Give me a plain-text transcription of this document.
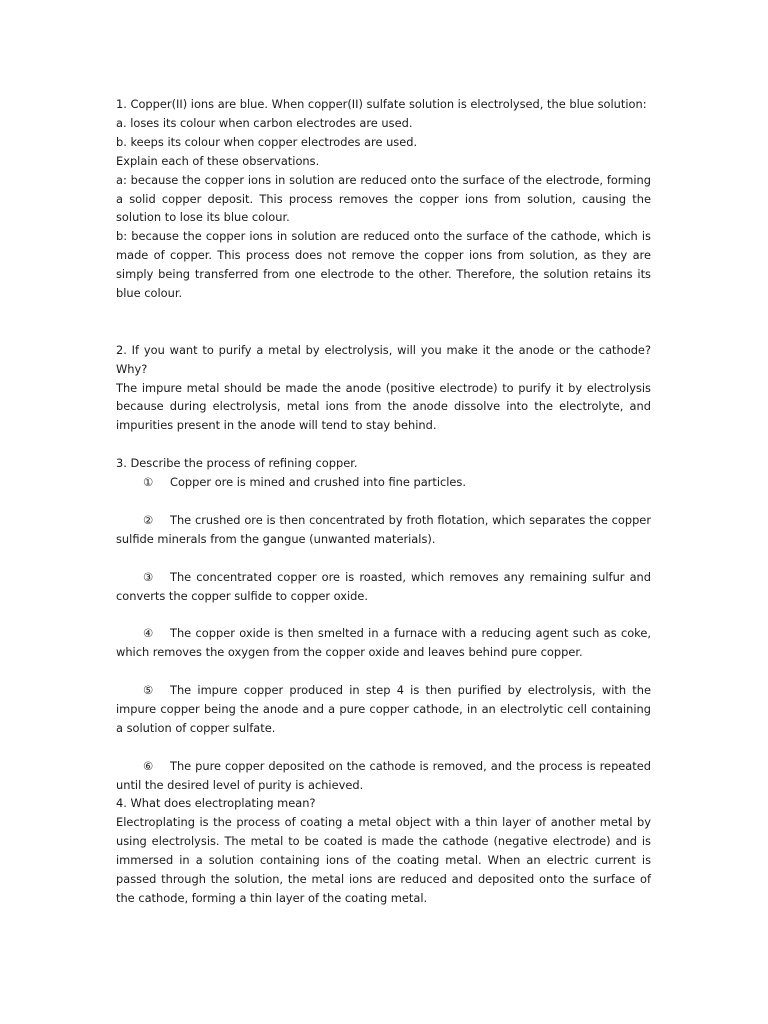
1. Copper(II) ions are blue. When copper(II) sulfate solution is electrolysed, the blue solution:
a. loses its colour when carbon electrodes are used.
b. keeps its colour when copper electrodes are used.
Explain each of these observations.
a: because the copper ions in solution are reduced onto the surface of the electrode, forming a solid copper deposit. This process removes the copper ions from solution, causing the solution to lose its blue colour.
b: because the copper ions in solution are reduced onto the surface of the cathode, which is made of copper. This process does not remove the copper ions from solution, as they are simply being transferred from one electrode to the other. Therefore, the solution retains its blue colour.
2. If you want to purify a metal by electrolysis, will you make it the anode or the cathode? Why?
The impure metal should be made the anode (positive electrode) to purify it by electrolysis because during electrolysis, metal ions from the anode dissolve into the electrolyte, and impurities present in the anode will tend to stay behind.
3. Describe the process of refining copper.
① Copper ore is mined and crushed into fine particles.
② The crushed ore is then concentrated by froth flotation, which separates the copper sulfide minerals from the gangue (unwanted materials).
③ The concentrated copper ore is roasted, which removes any remaining sulfur and converts the copper sulfide to copper oxide.
④ The copper oxide is then smelted in a furnace with a reducing agent such as coke, which removes the oxygen from the copper oxide and leaves behind pure copper.
⑤ The impure copper produced in step 4 is then purified by electrolysis, with the impure copper being the anode and a pure copper cathode, in an electrolytic cell containing a solution of copper sulfate.
⑥ The pure copper deposited on the cathode is removed, and the process is repeated until the desired level of purity is achieved.
4. What does electroplating mean?
Electroplating is the process of coating a metal object with a thin layer of another metal by using electrolysis. The metal to be coated is made the cathode (negative electrode) and is immersed in a solution containing ions of the coating metal. When an electric current is passed through the solution, the metal ions are reduced and deposited onto the surface of the cathode, forming a thin layer of the coating metal.
